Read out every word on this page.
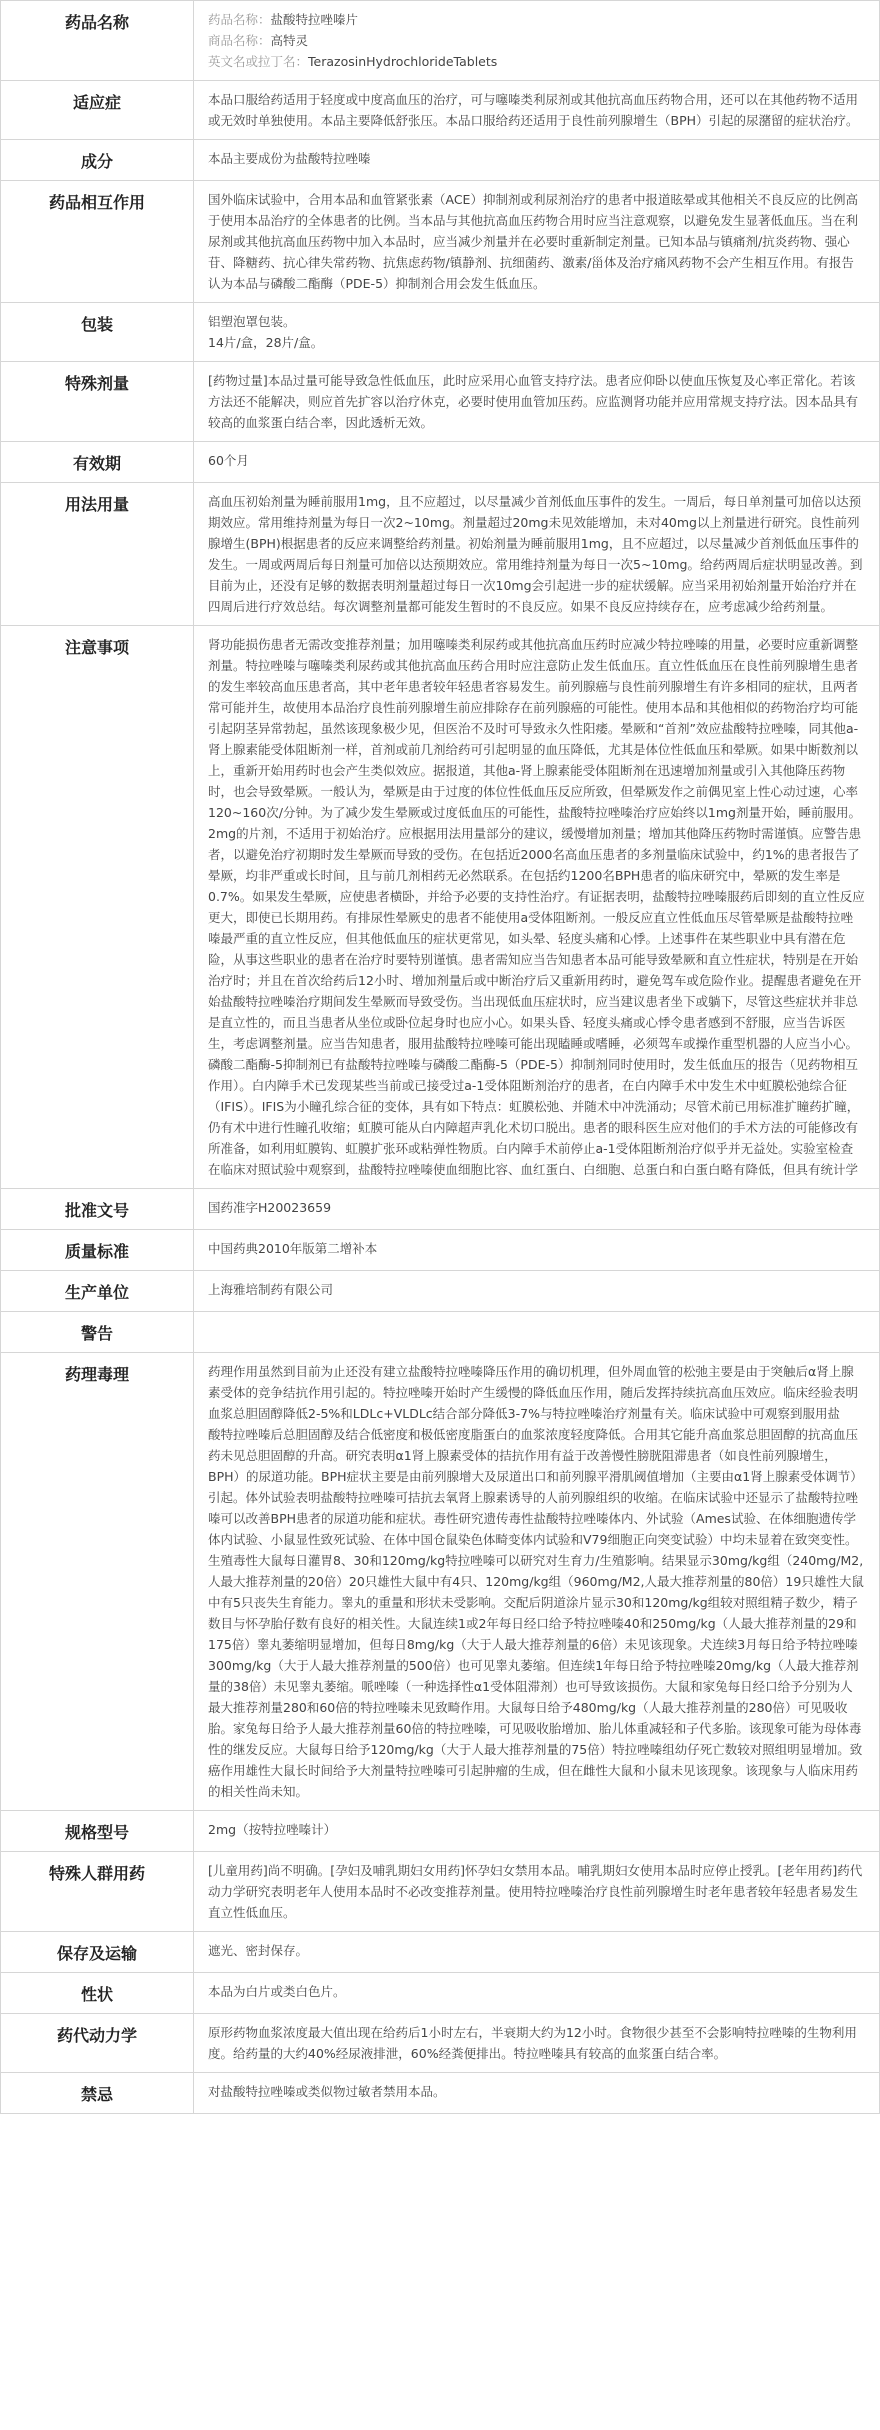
药品名称	药品名称：盐酸特拉唑嗪片
商品名称：高特灵
英文名或拉丁名：TerazosinHydrochlorideTablets

适应症	本品口服给药适用于轻度或中度高血压的治疗，可与噻嗪类利尿剂或其他抗高血压药物合用，还可以在其他药物不适用或无效时单独使用。本品主要降低舒张压。本品口服给药还适用于良性前列腺增生（BPH）引起的尿潴留的症状治疗。
成分	本品主要成份为盐酸特拉唑嗪
药品相互作用	国外临床试验中，合用本品和血管紧张素（ACE）抑制剂或利尿剂治疗的患者中报道眩晕或其他相关不良反应的比例高于使用本品治疗的全体患者的比例。当本品与其他抗高血压药物合用时应当注意观察，以避免发生显著低血压。当在利尿剂或其他抗高血压药物中加入本品时，应当减少剂量并在必要时重新制定剂量。已知本品与镇痛剂/抗炎药物、强心苷、降糖药、抗心律失常药物、抗焦虑药物/镇静剂、抗细菌药、激素/甾体及治疗痛风药物不会产生相互作用。有报告认为本品与磷酸二酯酶（PDE-5）抑制剂合用会发生低血压。
包装	铝塑泡罩包装。
14片/盒，28片/盒。

特殊剂量	[药物过量]本品过量可能导致急性低血压，此时应采用心血管支持疗法。患者应仰卧以使血压恢复及心率正常化。若该方法还不能解决，则应首先扩容以治疗休克，必要时使用血管加压药。应监测肾功能并应用常规支持疗法。因本品具有较高的血浆蛋白结合率，因此透析无效。
有效期	60个月
用法用量	高血压初始剂量为睡前服用1mg，且不应超过，以尽量减少首剂低血压事件的发生。一周后，每日单剂量可加倍以达预期效应。常用维持剂量为每日一次2~10mg。剂量超过20mg未见效能增加，未对40mg以上剂量进行研究。良性前列腺增生(BPH)根据患者的反应来调整给药剂量。初始剂量为睡前服用1mg，且不应超过，以尽量减少首剂低血压事件的发生。一周或两周后每日剂量可加倍以达预期效应。常用维持剂量为每日一次5~10mg。给药两周后症状明显改善。到目前为止，还没有足够的数据表明剂量超过每日一次10mg会引起进一步的症状缓解。应当采用初始剂量开始治疗并在四周后进行疗效总结。每次调整剂量都可能发生暂时的不良反应。如果不良反应持续存在，应考虑减少给药剂量。
注意事项	肾功能损伤患者无需改变推荐剂量；加用噻嗪类利尿药或其他抗高血压药时应减少特拉唑嗪的用量，必要时应重新调整剂量。特拉唑嗪与噻嗪类利尿药或其他抗高血压药合用时应注意防止发生低血压。直立性低血压在良性前列腺增生患者的发生率较高血压患者高，其中老年患者较年轻患者容易发生。前列腺癌与良性前列腺增生有许多相同的症状，且两者常可能并生，故使用本品治疗良性前列腺增生前应排除存在前列腺癌的可能性。使用本品和其他相似的药物治疗均可能引起阴茎异常勃起，虽然该现象极少见，但医治不及时可导致永久性阳痿。晕厥和“首剂”效应盐酸特拉唑嗪，同其他a-肾上腺素能受体阻断剂一样，首剂或前几剂给药可引起明显的血压降低，尤其是体位性低血压和晕厥。如果中断数剂以上，重新开始用药时也会产生类似效应。据报道，其他a-肾上腺素能受体阻断剂在迅速增加剂量或引入其他降压药物时，也会导致晕厥。一般认为，晕厥是由于过度的体位性低血压反应所致，但晕厥发作之前偶见室上性心动过速，心率120~160次/分钟。为了减少发生晕厥或过度低血压的可能性，盐酸特拉唑嗪治疗应始终以1mg剂量开始，睡前服用。
2mg的片剂，不适用于初始治疗。应根据用法用量部分的建议，缓慢增加剂量；增加其他降压药物时需谨慎。应警告患者，以避免治疗初期时发生晕厥而导致的受伤。在包括近2000名高血压患者的多剂量临床试验中，约1%的患者报告了晕厥，均非严重或长时间，且与前几剂相药无必然联系。在包括约1200名BPH患者的临床研究中，晕厥的发生率是0.7%。如果发生晕厥，应使患者横卧，并给予必要的支持性治疗。有证据表明，盐酸特拉唑嗪服药后即刻的直立性反应更大，即使已长期用药。有排尿性晕厥史的患者不能使用a受体阻断剂。一般反应直立性低血压尽管晕厥是盐酸特拉唑嗪最严重的直立性反应，但其他低血压的症状更常见，如头晕、轻度头痛和心悸。上述事件在某些职业中具有潜在危险，从事这些职业的患者在治疗时要特别谨慎。患者需知应当告知患者本品可能导致晕厥和直立性症状，特别是在开始治疗时；并且在首次给药后12小时、增加剂量后或中断治疗后又重新用药时，避免驾车或危险作业。提醒患者避免在开始盐酸特拉唑嗪治疗期间发生晕厥而导致受伤。当出现低血压症状时，应当建议患者坐下或躺下，尽管这些症状并非总是直立性的，而且当患者从坐位或卧位起身时也应小心。如果头昏、轻度头痛或心悸令患者感到不舒服，应当告诉医生，考虑调整剂量。应当告知患者，服用盐酸特拉唑嗪可能出现瞌睡或嗜睡，必须驾车或操作重型机器的人应当小心。磷酸二酯酶-5抑制剂已有盐酸特拉唑嗪与磷酸二酯酶-5（PDE-5）抑制剂同时使用时，发生低血压的报告（见药物相互作用）。白内障手术已发现某些当前或已接受过a-1受体阻断剂治疗的患者，在白内障手术中发生术中虹膜松弛综合征（IFIS）。IFIS为小瞳孔综合征的变体，具有如下特点：虹膜松弛、并随术中冲洗涌动；尽管术前已用标准扩瞳药扩瞳，仍有术中进行性瞳孔收缩；虹膜可能从白内障超声乳化术切口脱出。患者的眼科医生应对他们的手术方法的可能修改有所准备，如利用虹膜钩、虹膜扩张环或粘弹性物质。白内障手术前停止a-1受体阻断剂治疗似乎并无益处。实验室检查在临床对照试验中观察到，盐酸特拉唑嗪使血细胞比容、血红蛋白、白细胞、总蛋白和白蛋白略有降低，但具有统计学

批准文号	国药准字H20023659
质量标准	中国药典2010年版第二增补本
生产单位	上海雅培制药有限公司
警告	
药理毒理	药理作用虽然到目前为止还没有建立盐酸特拉唑嗪降压作用的确切机理，但外周血管的松弛主要是由于突触后α肾上腺素受体的竞争结抗作用引起的。特拉唑嗪开始时产生缓慢的降低血压作用，随后发挥持续抗高血压效应。临床经验表明血浆总胆固醇降低2-5%和LDLc+VLDLc结合部分降低3-7%与特拉唑嗪治疗剂量有关。临床试验中可观察到服用盐
酸特拉唑嗪后总胆固醇及结合低密度和极低密度脂蛋白的血浆浓度轻度降低。合用其它能升高血浆总胆固醇的抗高血压药未见总胆固醇的升高。研究表明α1肾上腺素受体的拮抗作用有益于改善慢性膀胱阻滞患者（如良性前列腺增生，BPH）的尿道功能。BPH症状主要是由前列腺增大及尿道出口和前列腺平滑肌阈值增加（主要由α1肾上腺素受体调节）引起。体外试验表明盐酸特拉唑嗪可拮抗去氧肾上腺素诱导的人前列腺组织的收缩。在临床试验中还显示了盐酸特拉唑嗪可以改善BPH患者的尿道功能和症状。毒性研究遗传毒性盐酸特拉唑嗪体内、外试验（Ames试验、在体细胞遗传学体内试验、小鼠显性致死试验、在体中国仓鼠染色体畸变体内试验和V79细胞正向突变试验）中均未显着在致突变性。生殖毒性大鼠每日灌胃8、30和120mg/kg特拉唑嗪可以研究对生育力/生殖影响。结果显示30mg/kg组（240mg/M2,人最大推荐剂量的20倍）20只雄性大鼠中有4只、120mg/kg组（960mg/M2,人最大推荐剂量的80倍）19只雄性大鼠中有5只丧失生育能力。睾丸的重量和形状未受影响。交配后阴道涂片显示30和120mg/kg组较对照组精子数少，精子数目与怀孕胎仔数有良好的相关性。大鼠连续1或2年每日经口给予特拉唑嗪40和250mg/kg（人最大推荐剂量的29和175倍）睾丸萎缩明显增加，但每日8mg/kg（大于人最大推荐剂量的6倍）未见该现象。犬连续3月每日给予特拉唑嗪300mg/kg（大于人最大推荐剂量的500倍）也可见睾丸萎缩。但连续1年每日给予特拉唑嗪20mg/kg（人最大推荐剂量的38倍）未见睾丸萎缩。哌唑嗪（一种选择性α1受体阻滞剂）也可导致该损伤。大鼠和家兔每日经口给予分别为人最大推荐剂量280和60倍的特拉唑嗪未见致畸作用。大鼠每日给予480mg/kg（人最大推荐剂量的280倍）可见吸收胎。家兔每日给予人最大推荐剂量60倍的特拉唑嗪，可见吸收胎增加、胎儿体重减轻和子代多胎。该现象可能为母体毒性的继发反应。大鼠每日给予120mg/kg（大于人最大推荐剂量的75倍）特拉唑嗪组幼仔死亡数较对照组明显增加。致癌作用雄性大鼠长时间给予大剂量特拉唑嗪可引起肿瘤的生成，但在雌性大鼠和小鼠未见该现象。该现象与人临床用药的相关性尚未知。

规格型号	2mg（按特拉唑嗪计）
特殊人群用药	[儿童用药]尚不明确。[孕妇及哺乳期妇女用药]怀孕妇女禁用本品。哺乳期妇女使用本品时应停止授乳。[老年用药]药代动力学研究表明老年人使用本品时不必改变推荐剂量。使用特拉唑嗪治疗良性前列腺增生时老年患者较年轻患者易发生直立性低血压。
保存及运输	遮光、密封保存。
性状	本品为白片或类白色片。
药代动力学	原形药物血浆浓度最大值出现在给药后1小时左右，半衰期大约为12小时。食物很少甚至不会影响特拉唑嗪的生物利用度。给药量的大约40%经尿液排泄，60%经粪便排出。特拉唑嗪具有较高的血浆蛋白结合率。
禁忌	对盐酸特拉唑嗪或类似物过敏者禁用本品。
